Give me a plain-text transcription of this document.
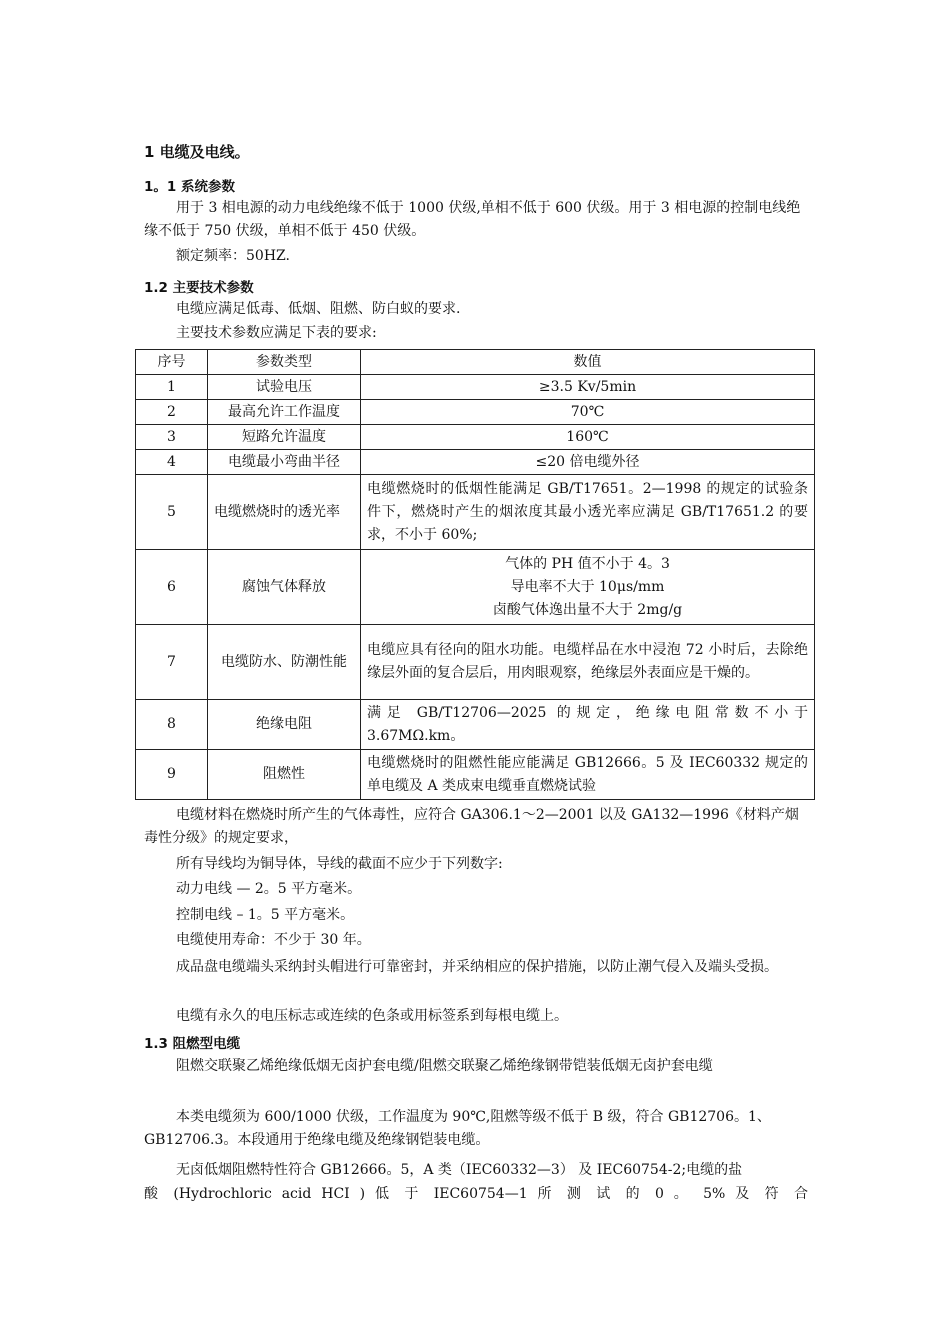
1 电缆及电线。
1。1 系统参数

用于 3 相电源的动力电线绝缘不低于 1000 伏级,单相不低于 600 伏级。用于 3 相电源的控制电线绝缘不低于 750 伏级，单相不低于 450 伏级。

额定频率：50HZ.

1.2 主要技术参数

电缆应满足低毒、低烟、阻燃、防白蚁的要求.

主要技术参数应满足下表的要求:

序号	参数类型	数值
1	试验电压	≥3.5 Kv/5min
2	最高允许工作温度	70℃
3	短路允许温度	160℃
4	电缆最小弯曲半径	≤20 倍电缆外径
5	电缆燃烧时的透光率	电缆燃烧时的低烟性能满足 GB/T17651。2—1998 的规定的试验条件下，燃烧时产生的烟浓度其最小透光率应满足 GB/T17651.2 的要求，不小于 60%;
6	腐蚀气体释放	气体的 PH 值不小于 4。3
导电率不大于 10μs/mm
卤酸气体逸出量不大于 2mg/g

7	电缆防水、防潮性能	电缆应具有径向的阻水功能。电缆样品在水中浸泡 72 小时后，去除绝缘层外面的复合层后，用肉眼观察，绝缘层外表面应是干燥的。
8	绝缘电阻	满足 GB/T12706—2025 的规定，绝缘电阻常数不小于 3.67MΩ.km。
9	阻燃性	电缆燃烧时的阻燃性能应能满足 GB12666。5 及 IEC60332 规定的单电缆及 A 类成束电缆垂直燃烧试验

电缆材料在燃烧时所产生的气体毒性，应符合 GA306.1～2—2001 以及 GA132—1996《材料产烟毒性分级》的规定要求，

所有导线均为铜导体，导线的截面不应少于下列数字:

动力电线 — 2。5 平方毫米。

控制电线 – 1。5 平方毫米。

电缆使用寿命：不少于 30 年。

成品盘电缆端头采纳封头帽进行可靠密封，并采纳相应的保护措施，以防止潮气侵入及端头受损。

电缆有永久的电压标志或连续的色条或用标签系到每根电缆上。

1.3 阻燃型电缆

阻燃交联聚乙烯绝缘低烟无卤护套电缆/阻燃交联聚乙烯绝缘钢带铠装低烟无卤护套电缆

本类电缆须为 600/1000 伏级，工作温度为 90℃,阻燃等级不低于 B 级，符合 GB12706。1、GB12706.3。本段通用于绝缘电缆及绝缘钢铠装电缆。

无卤低烟阻燃特性符合 GB12666。5，A 类（IEC60332—3） 及 IEC60754-2;电缆的盐

酸 (Hydrochloric acid HCI ) 低 于 IEC60754—1 所 测 试 的 0 。 5% 及 符 合
